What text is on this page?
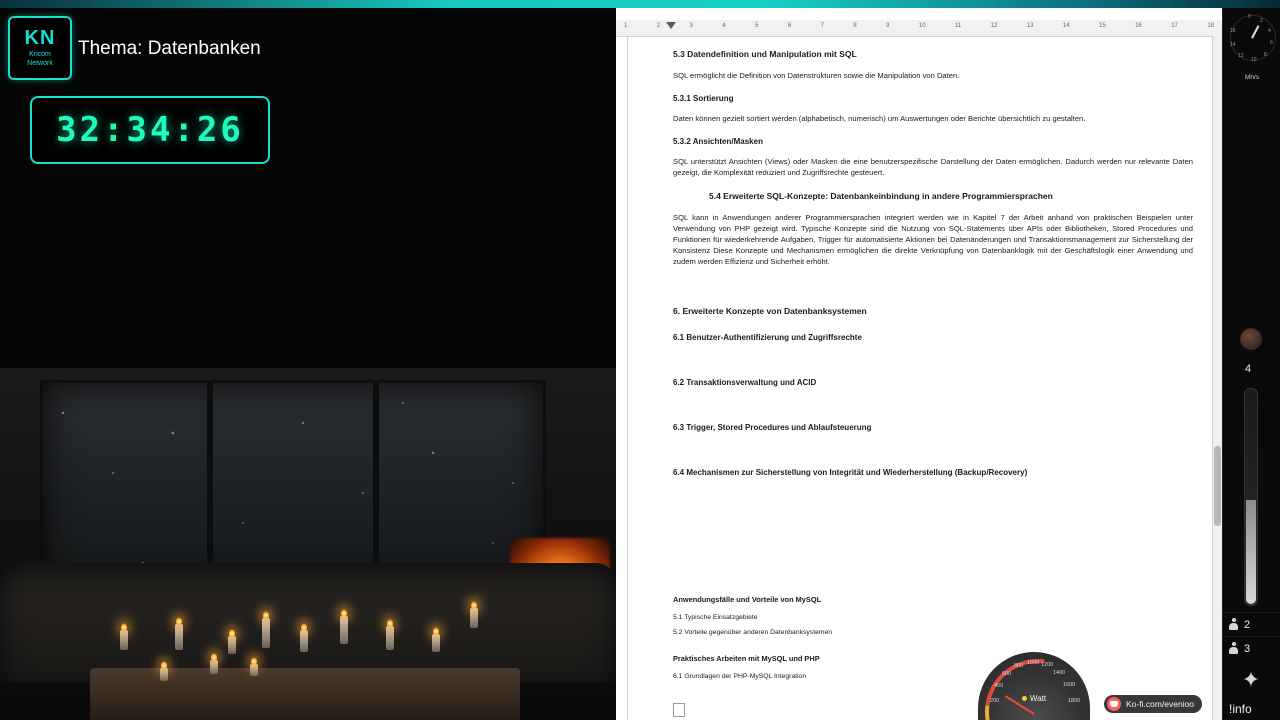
KN
Kricom
Network
Thema: Datenbanken
32:34:26
1	2	3	4	5	6	7	8	9	10	11	12	13	14	15	16	17	18

5.3 Datendefinition und Manipulation mit SQL

SQL ermöglicht die Definition von Datenstrukturen sowie die Manipulation von Daten.

5.3.1 Sortierung

Daten können gezielt sortiert werden (alphabetisch, numerisch) um Auswertungen oder Berichte übersichtlich zu gestalten.

5.3.2 Ansichten/Masken

SQL unterstützt Ansichten (Views) oder Masken die eine benutzerspezifische Darstellung der Daten ermöglichen. Dadurch werden nur relevante Daten gezeigt, die Komplexität reduziert und Zugriffsrechte gesteuert.

5.4 Erweiterte SQL-Konzepte: Datenbankeinbindung in andere Programmiersprachen

SQL kann in Anwendungen anderer Programmiersprachen integriert werden wie in Kapitel 7 der Arbeit anhand von praktischen Beispielen unter Verwendung von PHP gezeigt wird. Typische Konzepte sind die Nutzung von SQL-Statements über APIs oder Bibliotheken, Stored Procedures und Funktionen für wiederkehrende Aufgaben, Trigger für automatisierte Aktionen bei Datenänderungen und Transaktionsmanagement zur Sicherstellung der Konsistenz Diese Konzepte und Mechanismen ermöglichen die direkte Verknüpfung von Datenbanklogik mit der Geschäftslogik einer Anwendung und zudem werden Effizienz und Sicherheit erhöht.

6. Erweiterte Konzepte von Datenbanksystemen

6.1 Benutzer-Authentifizierung und Zugriffsrechte

6.2 Transaktionsverwaltung und ACID

6.3 Trigger, Stored Procedures und Ablaufsteuerung

6.4 Mechanismen zur Sicherstellung von Integrität und Wiederherstellung (Backup/Recovery)

Anwendungsfälle und Vorteile von MySQL

5.1 Typische Einsatzgebiete

5.2 Vorteile gegenüber anderen Datenbanksystemen

Praktisches Arbeiten mit MySQL und PHP

6.1 Grundlagen der PHP-MySQL Integration

200
400
600
800 1000 1200
1400
1600
1800
Watt
Ko-fi.com/evenioo
0
2
4
6
8
10
12
14
16
Mh/s
4
2
3
✦
!info
